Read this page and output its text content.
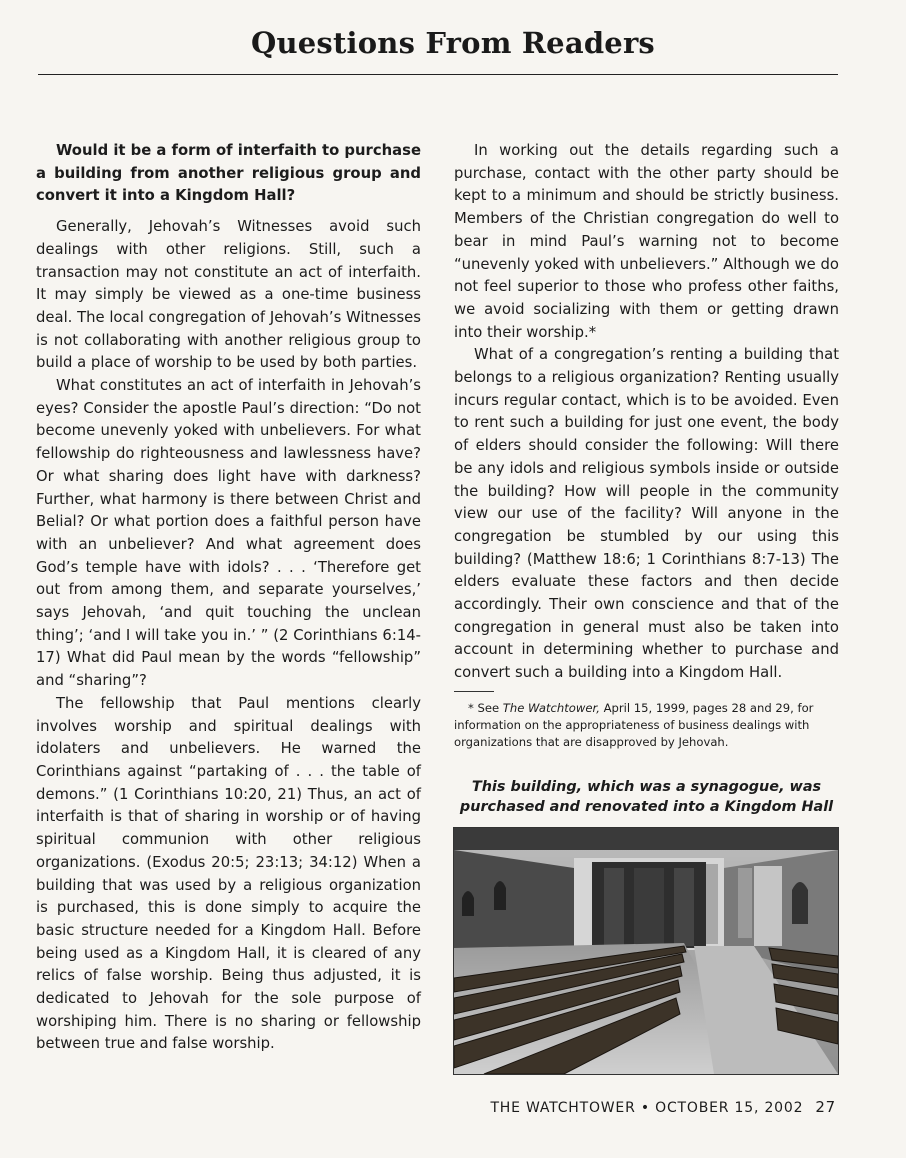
Questions From Readers
Would it be a form of interfaith to purchase a building from another religious group and convert it into a Kingdom Hall?

Generally, Jehovah’s Witnesses avoid such dealings with other religions. Still, such a transaction may not constitute an act of interfaith. It may simply be viewed as a one-time business deal. The local congregation of Jehovah’s Witnesses is not collaborating with another religious group to build a place of worship to be used by both parties.

What constitutes an act of interfaith in Jehovah’s eyes? Consider the apostle Paul’s direction: “Do not become unevenly yoked with unbelievers. For what fellowship do righteousness and lawlessness have? Or what sharing does light have with darkness? Further, what harmony is there between Christ and Belial? Or what portion does a faithful person have with an unbeliever? And what agreement does God’s temple have with idols? . . . ‘Therefore get out from among them, and separate yourselves,’ says Jehovah, ‘and quit touching the unclean thing’; ‘and I will take you in.’ ” (2 Corinthians 6:14-17) What did Paul mean by the words “fellowship” and “sharing”?

The fellowship that Paul mentions clearly involves worship and spiritual dealings with idolaters and unbelievers. He warned the Corinthians against “partaking of . . . the table of demons.” (1 Corinthians 10:20, 21) Thus, an act of interfaith is that of sharing in worship or of having spiritual communion with other religious organizations. (Exodus 20:5; 23:13; 34:12) When a building that was used by a religious organization is purchased, this is done simply to acquire the basic structure needed for a Kingdom Hall. Before being used as a Kingdom Hall, it is cleared of any relics of false worship. Being thus adjusted, it is dedicated to Jehovah for the sole purpose of worshiping him. There is no sharing or fellowship between true and false worship.

In working out the details regarding such a purchase, contact with the other party should be kept to a minimum and should be strictly business. Members of the Christian congregation do well to bear in mind Paul’s warning not to become “unevenly yoked with unbelievers.” Although we do not feel superior to those who profess other faiths, we avoid socializing with them or getting drawn into their worship.*

What of a congregation’s renting a building that belongs to a religious organization? Renting usually incurs regular contact, which is to be avoided. Even to rent such a building for just one event, the body of elders should consider the following: Will there be any idols and religious symbols inside or outside the building? How will people in the community view our use of the facility? Will anyone in the congregation be stumbled by our using this building? (Matthew 18:6; 1 Corinthians 8:7-13) The elders evaluate these factors and then decide accordingly. Their own conscience and that of the congregation in general must also be taken into account in determining whether to purchase and convert such a building into a Kingdom Hall.

* See The Watchtower, April 15, 1999, pages 28 and 29, for information on the appropriateness of business dealings with organizations that are disapproved by Jehovah.

This building, which was a synagogue, was purchased and renovated into a Kingdom Hall
THE WATCHTOWER • OCTOBER 15, 2002 27
